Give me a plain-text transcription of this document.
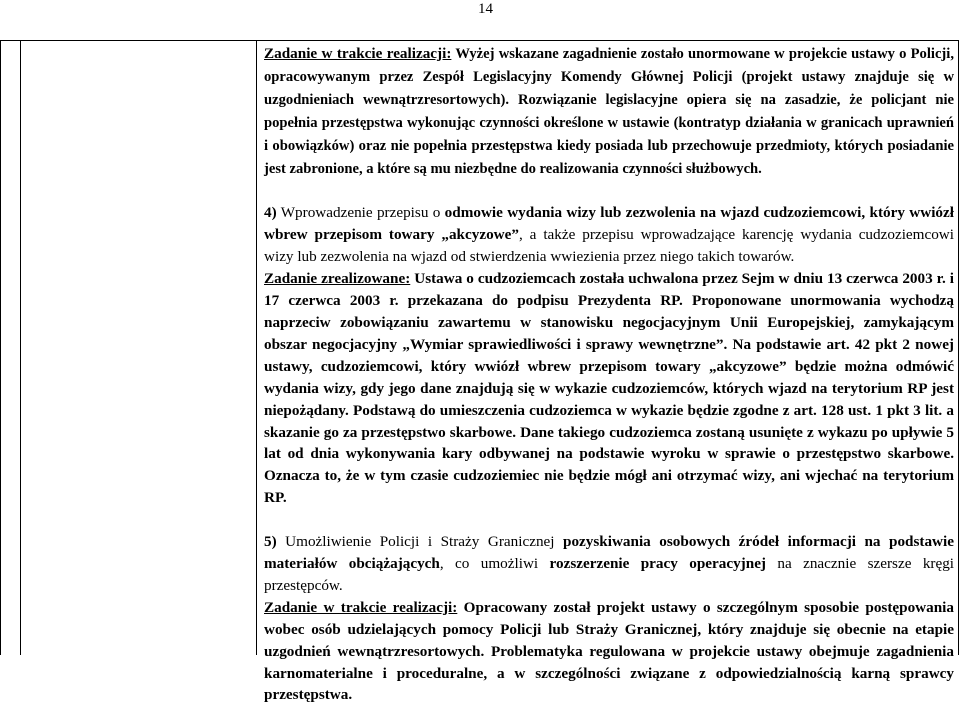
14

Zadanie w trakcie realizacji: Wyżej wskazane zagadnienie zostało unormowane w projekcie ustawy o Policji, opracowywanym przez Zespół Legislacyjny Komendy Głównej Policji (projekt ustawy znajduje się w uzgodnieniach wewnątrzresortowych). Rozwiązanie legislacyjne opiera się na zasadzie, że policjant nie popełnia przestępstwa wykonując czynności określone w ustawie (kontratyp działania w granicach uprawnień i obowiązków) oraz nie popełnia przestępstwa kiedy posiada lub przechowuje przedmioty, których posiadanie jest zabronione, a które są mu niezbędne do realizowania czynności służbowych.

4) Wprowadzenie przepisu o odmowie wydania wizy lub zezwolenia na wjazd cudzoziemcowi, który wwiózł wbrew przepisom towary „akcyzowe”, a także przepisu wprowadzające karencję wydania cudzoziemcowi wizy lub zezwolenia na wjazd od stwierdzenia wwiezienia przez niego takich towarów.
Zadanie zrealizowane: Ustawa o cudzoziemcach została uchwalona przez Sejm w dniu 13 czerwca 2003 r. i 17 czerwca 2003 r. przekazana do podpisu Prezydenta RP. Proponowane unormowania wychodzą naprzeciw zobowiązaniu zawartemu w stanowisku negocjacyjnym Unii Europejskiej, zamykającym obszar negocjacyjny „Wymiar sprawiedliwości i sprawy wewnętrzne”. Na podstawie art. 42 pkt 2 nowej ustawy, cudzoziemcowi, który wwiózł wbrew przepisom towary „akcyzowe” będzie można odmówić wydania wizy, gdy jego dane znajdują się w wykazie cudzoziemców, których wjazd na terytorium RP jest niepożądany. Podstawą do umieszczenia cudzoziemca w wykazie będzie zgodne z art. 128 ust. 1 pkt 3 lit. a skazanie go za przestępstwo skarbowe. Dane takiego cudzoziemca zostaną usunięte z wykazu po upływie 5 lat od dnia wykonywania kary odbywanej na podstawie wyroku w sprawie o przestępstwo skarbowe. Oznacza to, że w tym czasie cudzoziemiec nie będzie mógł ani otrzymać wizy, ani wjechać na terytorium RP.

5) Umożliwienie Policji i Straży Granicznej pozyskiwania osobowych źródeł informacji na podstawie materiałów obciążających, co umożliwi rozszerzenie pracy operacyjnej na znacznie szersze kręgi przestępców.
Zadanie w trakcie realizacji: Opracowany został projekt ustawy o szczególnym sposobie postępowania wobec osób udzielających pomocy Policji lub Straży Granicznej, który znajduje się obecnie na etapie uzgodnień wewnątrzresortowych. Problematyka regulowana w projekcie ustawy obejmuje zagadnienia karnomaterialne i proceduralne, a w szczególności związane z odpowiedzialnością karną sprawcy przestępstwa.
